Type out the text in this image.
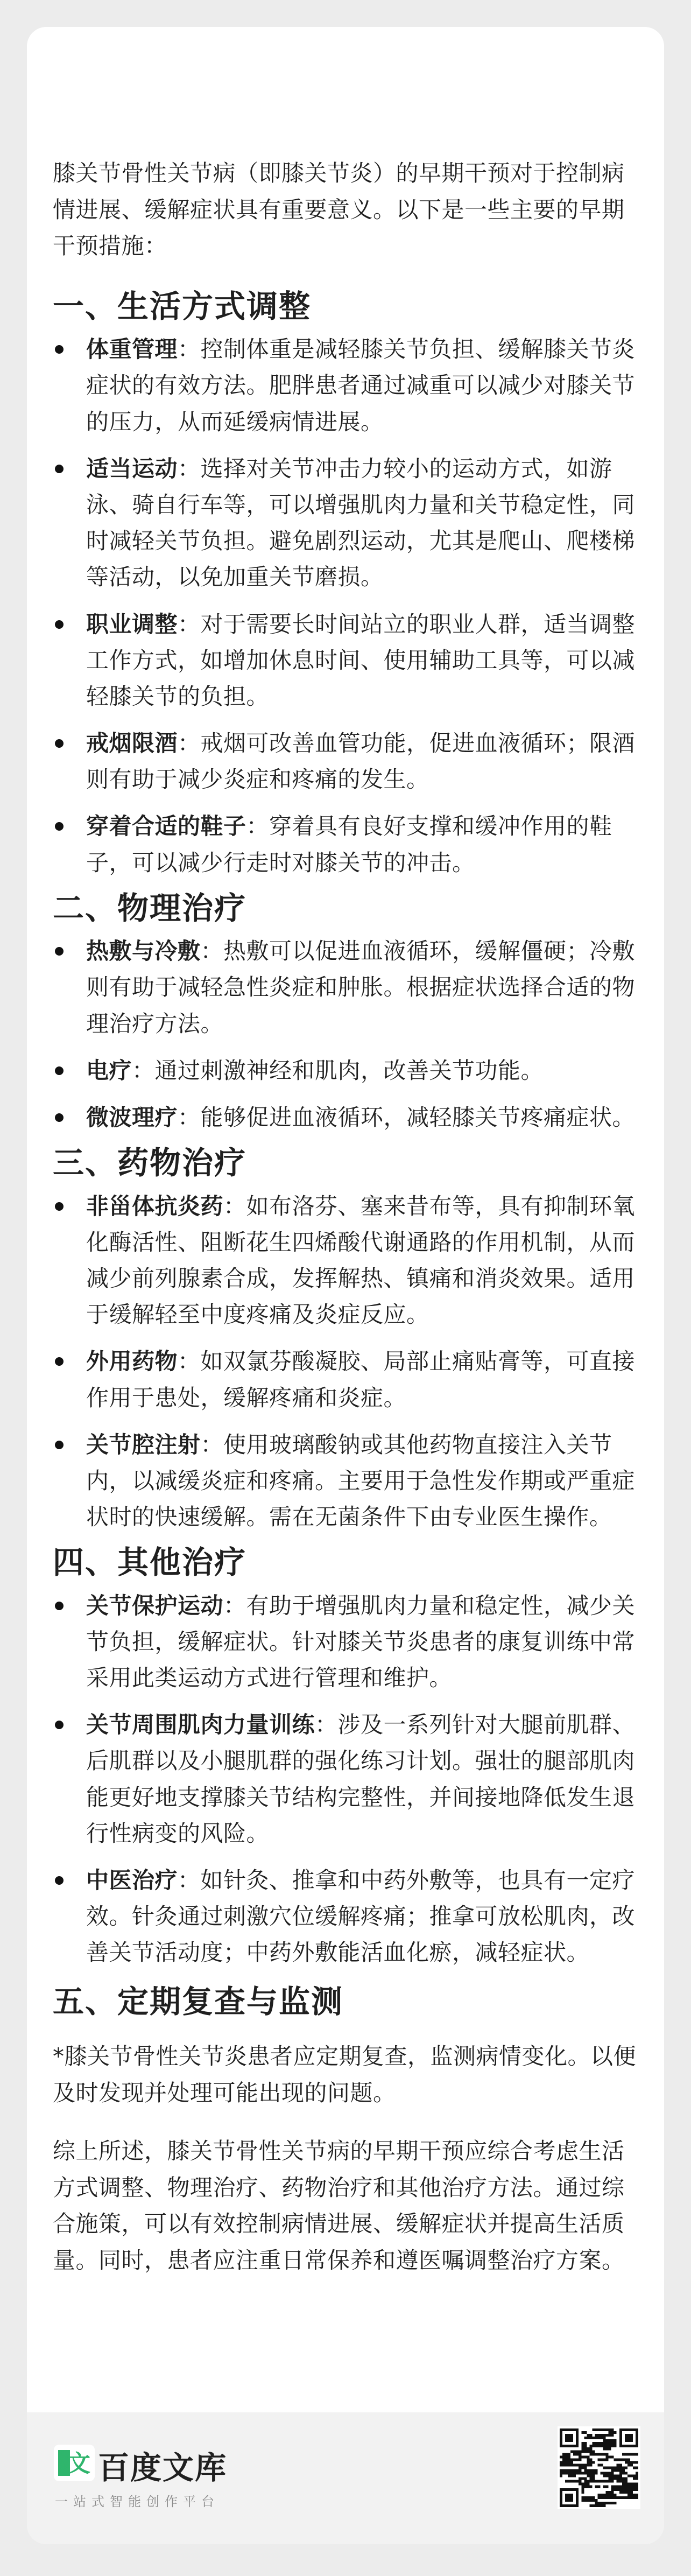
膝关节骨性关节病（即膝关节炎）的早期干预对于控制病情进展、缓解症状具有重要意义。以下是一些主要的早期干预措施：

一、生活方式调整
体重管理：控制体重是减轻膝关节负担、缓解膝关节炎症状的有效方法。肥胖患者通过减重可以减少对膝关节的压力，从而延缓病情进展。
适当运动：选择对关节冲击力较小的运动方式，如游泳、骑自行车等，可以增强肌肉力量和关节稳定性，同时减轻关节负担。避免剧烈运动，尤其是爬山、爬楼梯等活动，以免加重关节磨损。
职业调整：对于需要长时间站立的职业人群，适当调整工作方式，如增加休息时间、使用辅助工具等，可以减轻膝关节的负担。
戒烟限酒：戒烟可改善血管功能，促进血液循环；限酒则有助于减少炎症和疼痛的发生。
穿着合适的鞋子：穿着具有良好支撑和缓冲作用的鞋子，可以减少行走时对膝关节的冲击。
二、物理治疗
热敷与冷敷：热敷可以促进血液循环，缓解僵硬；冷敷则有助于减轻急性炎症和肿胀。根据症状选择合适的物理治疗方法。
电疗：通过刺激神经和肌肉，改善关节功能。
微波理疗：能够促进血液循环，减轻膝关节疼痛症状。
三、药物治疗
非甾体抗炎药：如布洛芬、塞来昔布等，具有抑制环氧化酶活性、阻断花生四烯酸代谢通路的作用机制，从而减少前列腺素合成，发挥解热、镇痛和消炎效果。适用于缓解轻至中度疼痛及炎症反应。
外用药物：如双氯芬酸凝胶、局部止痛贴膏等，可直接作用于患处，缓解疼痛和炎症。
关节腔注射：使用玻璃酸钠或其他药物直接注入关节内，以减缓炎症和疼痛。主要用于急性发作期或严重症状时的快速缓解。需在无菌条件下由专业医生操作。
四、其他治疗
关节保护运动：有助于增强肌肉力量和稳定性，减少关节负担，缓解症状。针对膝关节炎患者的康复训练中常采用此类运动方式进行管理和维护。
关节周围肌肉力量训练：涉及一系列针对大腿前肌群、后肌群以及小腿肌群的强化练习计划。强壮的腿部肌肉能更好地支撑膝关节结构完整性，并间接地降低发生退行性病变的风险。
中医治疗：如针灸、推拿和中药外敷等，也具有一定疗效。针灸通过刺激穴位缓解疼痛；推拿可放松肌肉，改善关节活动度；中药外敷能活血化瘀，减轻症状。
五、定期复查与监测

*膝关节骨性关节炎患者应定期复查，监测病情变化。以便及时发现并处理可能出现的问题。

综上所述，膝关节骨性关节病的早期干预应综合考虑生活方式调整、物理治疗、药物治疗和其他治疗方法。通过综合施策，可以有效控制病情进展、缓解症状并提高生活质量。同时，患者应注重日常保养和遵医嘱调整治疗方案。

文 百度文库
一站式智能创作平台
